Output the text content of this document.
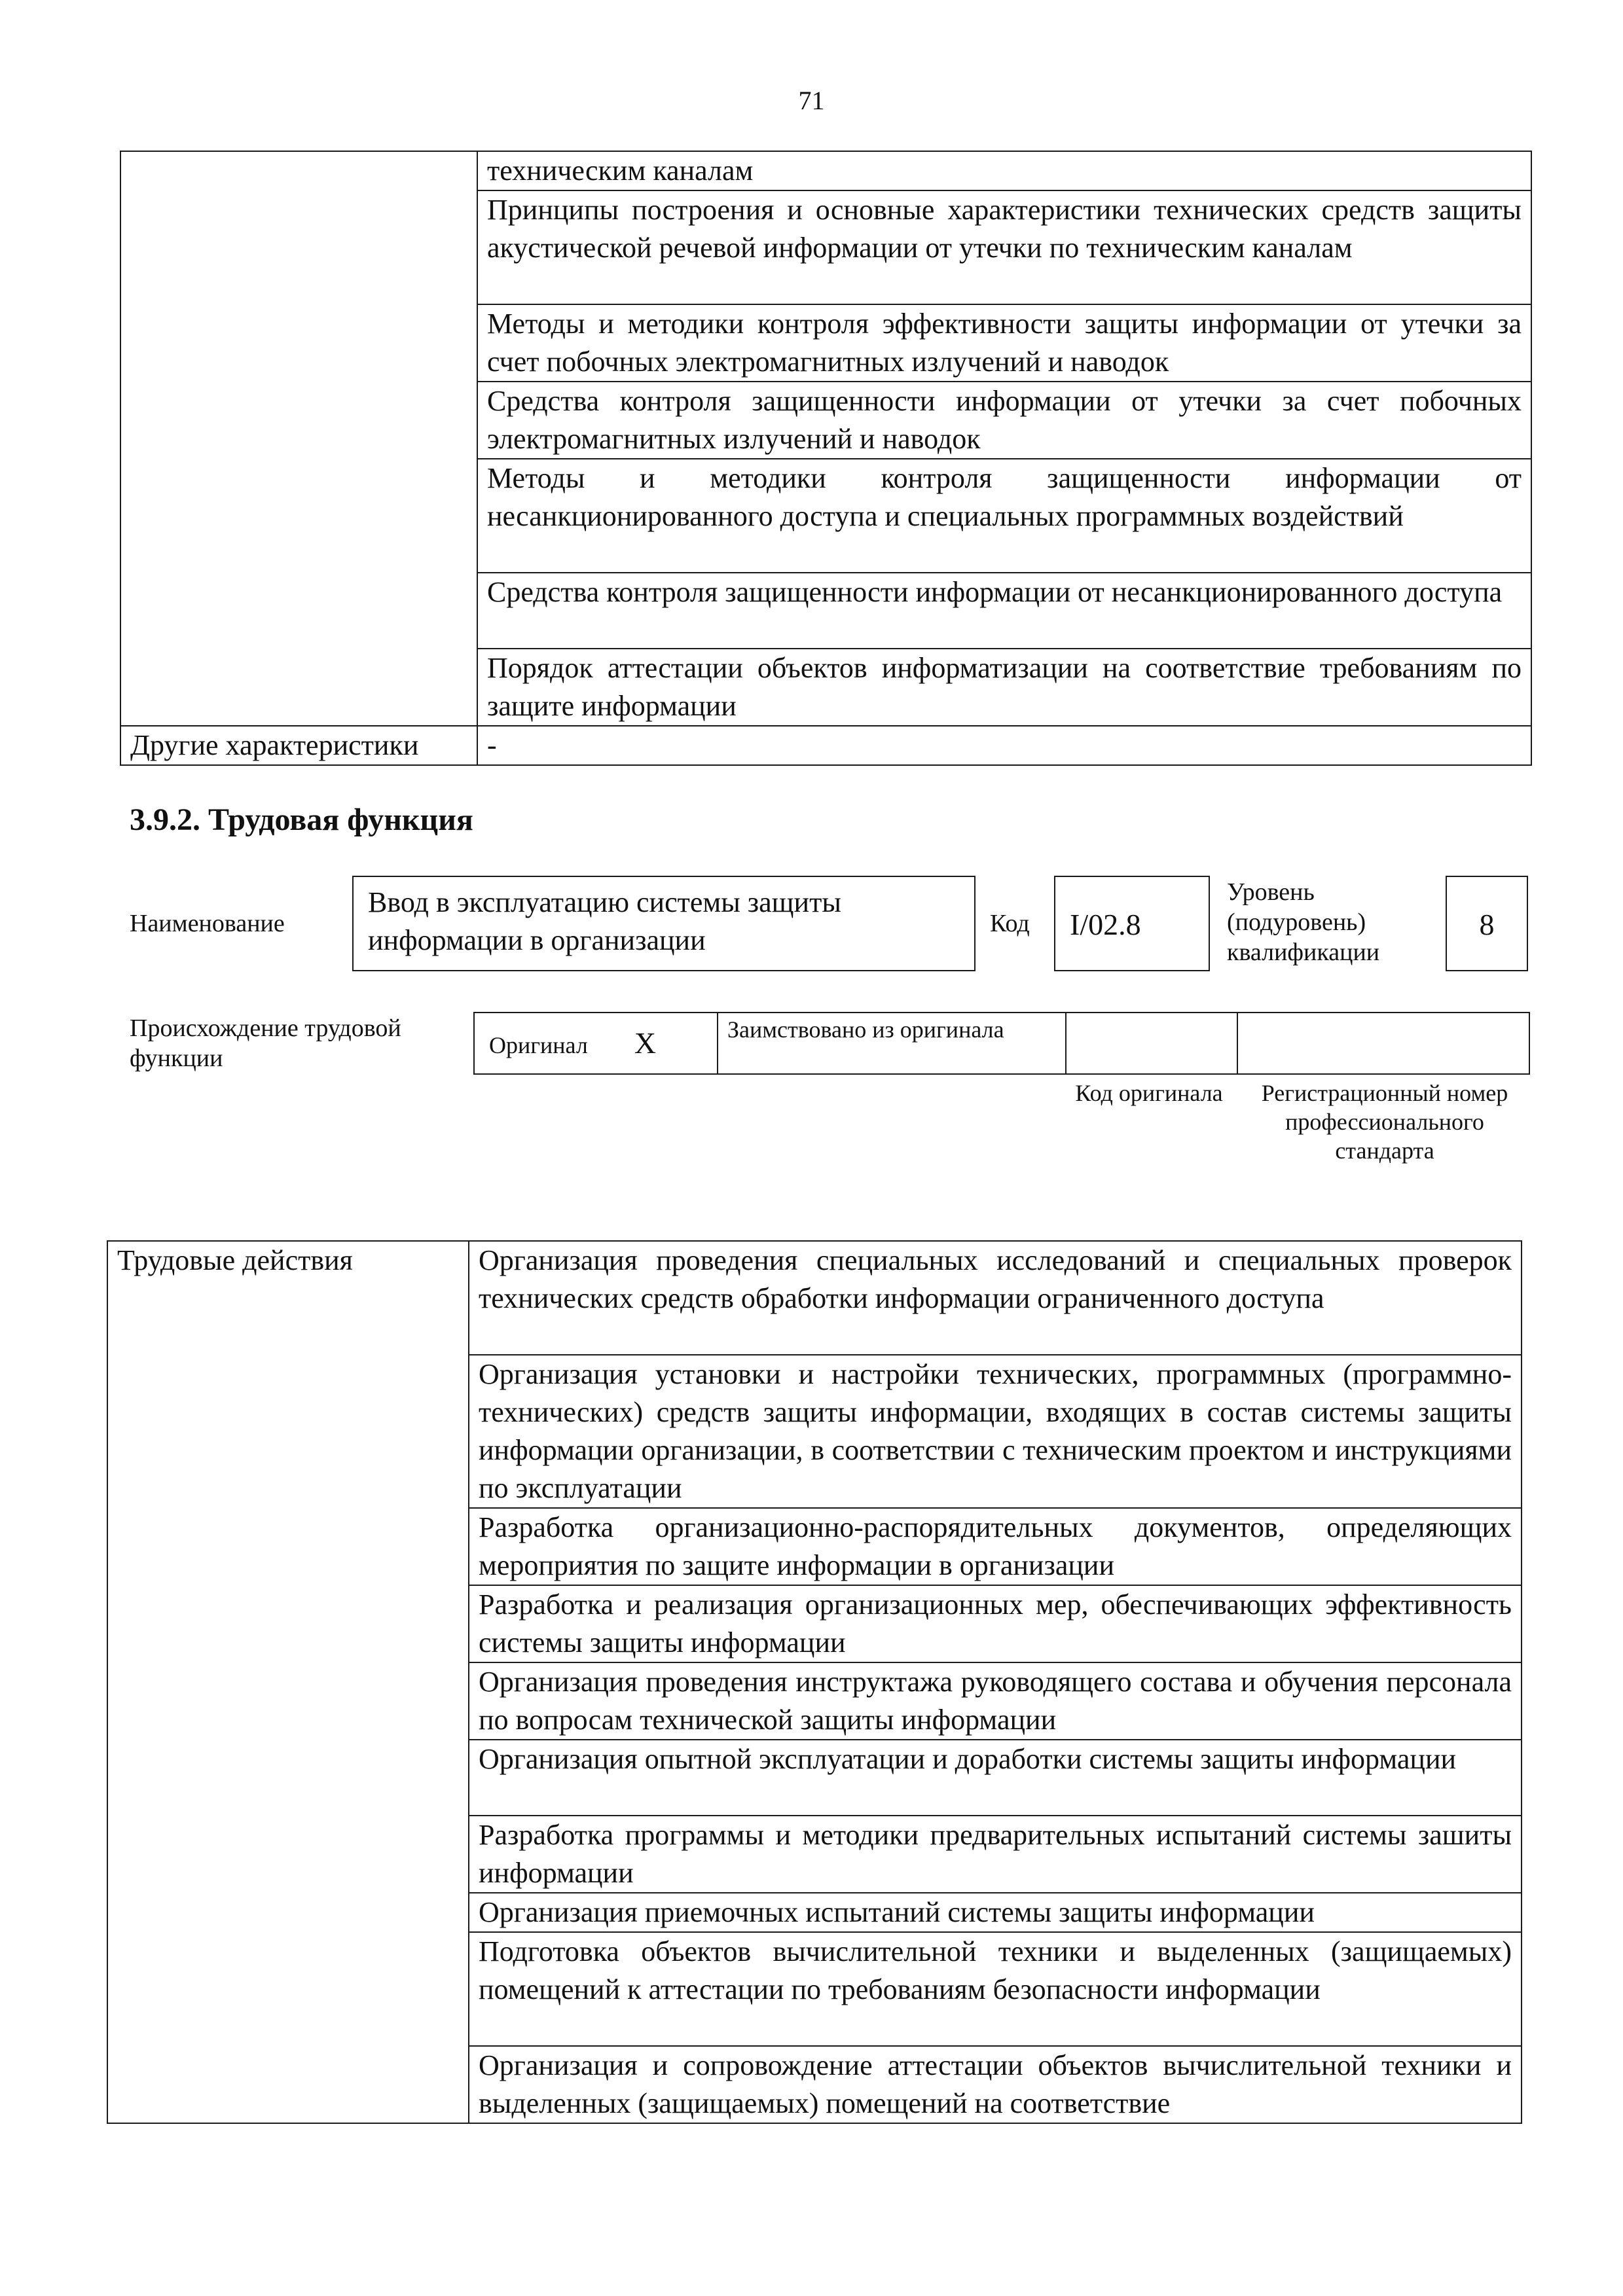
71
	техническим каналам
	Принципы построения и основные характеристики технических средств защиты акустической речевой информации от утечки по техническим каналам
	Методы и методики контроля эффективности защиты информации от утечки за счет побочных электромагнитных излучений и наводок
	Средства контроля защищенности информации от утечки за счет побочных электромагнитных излучений и наводок
	Методы и методики контроля защищенности информации от несанкционированного доступа и специальных программных воздействий
	Средства контроля защищенности информации от несанкционированного доступа
	Порядок аттестации объектов информатизации на соответствие требованиям по защите информации
Другие характеристики	-
3.9.2. Трудовая функция
Наименование
Ввод в эксплуатацию системы защиты информации в организации
Код	I/02.8
Уровень (подуровень) квалификации
8
Происхождение трудовой функции	Оригинал X	Заимствовано из оригинала		
Код оригинала	Регистрационный номер профессионального стандарта
Трудовые действия	Организация проведения специальных исследований и специальных проверок технических средств обработки информации ограниченного доступа
Организация установки и настройки технических, программных (программно-технических) средств защиты информации, входящих в состав системы защиты информации организации, в соответствии с техническим проектом и инструкциями по эксплуатации
Разработка организационно-распорядительных документов, определяющих мероприятия по защите информации в организации
Разработка и реализация организационных мер, обеспечивающих эффективность системы защиты информации
Организация проведения инструктажа руководящего состава и обучения персонала по вопросам технической защиты информации
Организация опытной эксплуатации и доработки системы защиты информации
Разработка программы и методики предварительных испытаний системы зашиты информации
Организация приемочных испытаний системы защиты информации
Подготовка объектов вычислительной техники и выделенных (защищаемых) помещений к аттестации по требованиям безопасности информации
Организация и сопровождение аттестации объектов вычислительной техники и выделенных (защищаемых) помещений на соответствие
